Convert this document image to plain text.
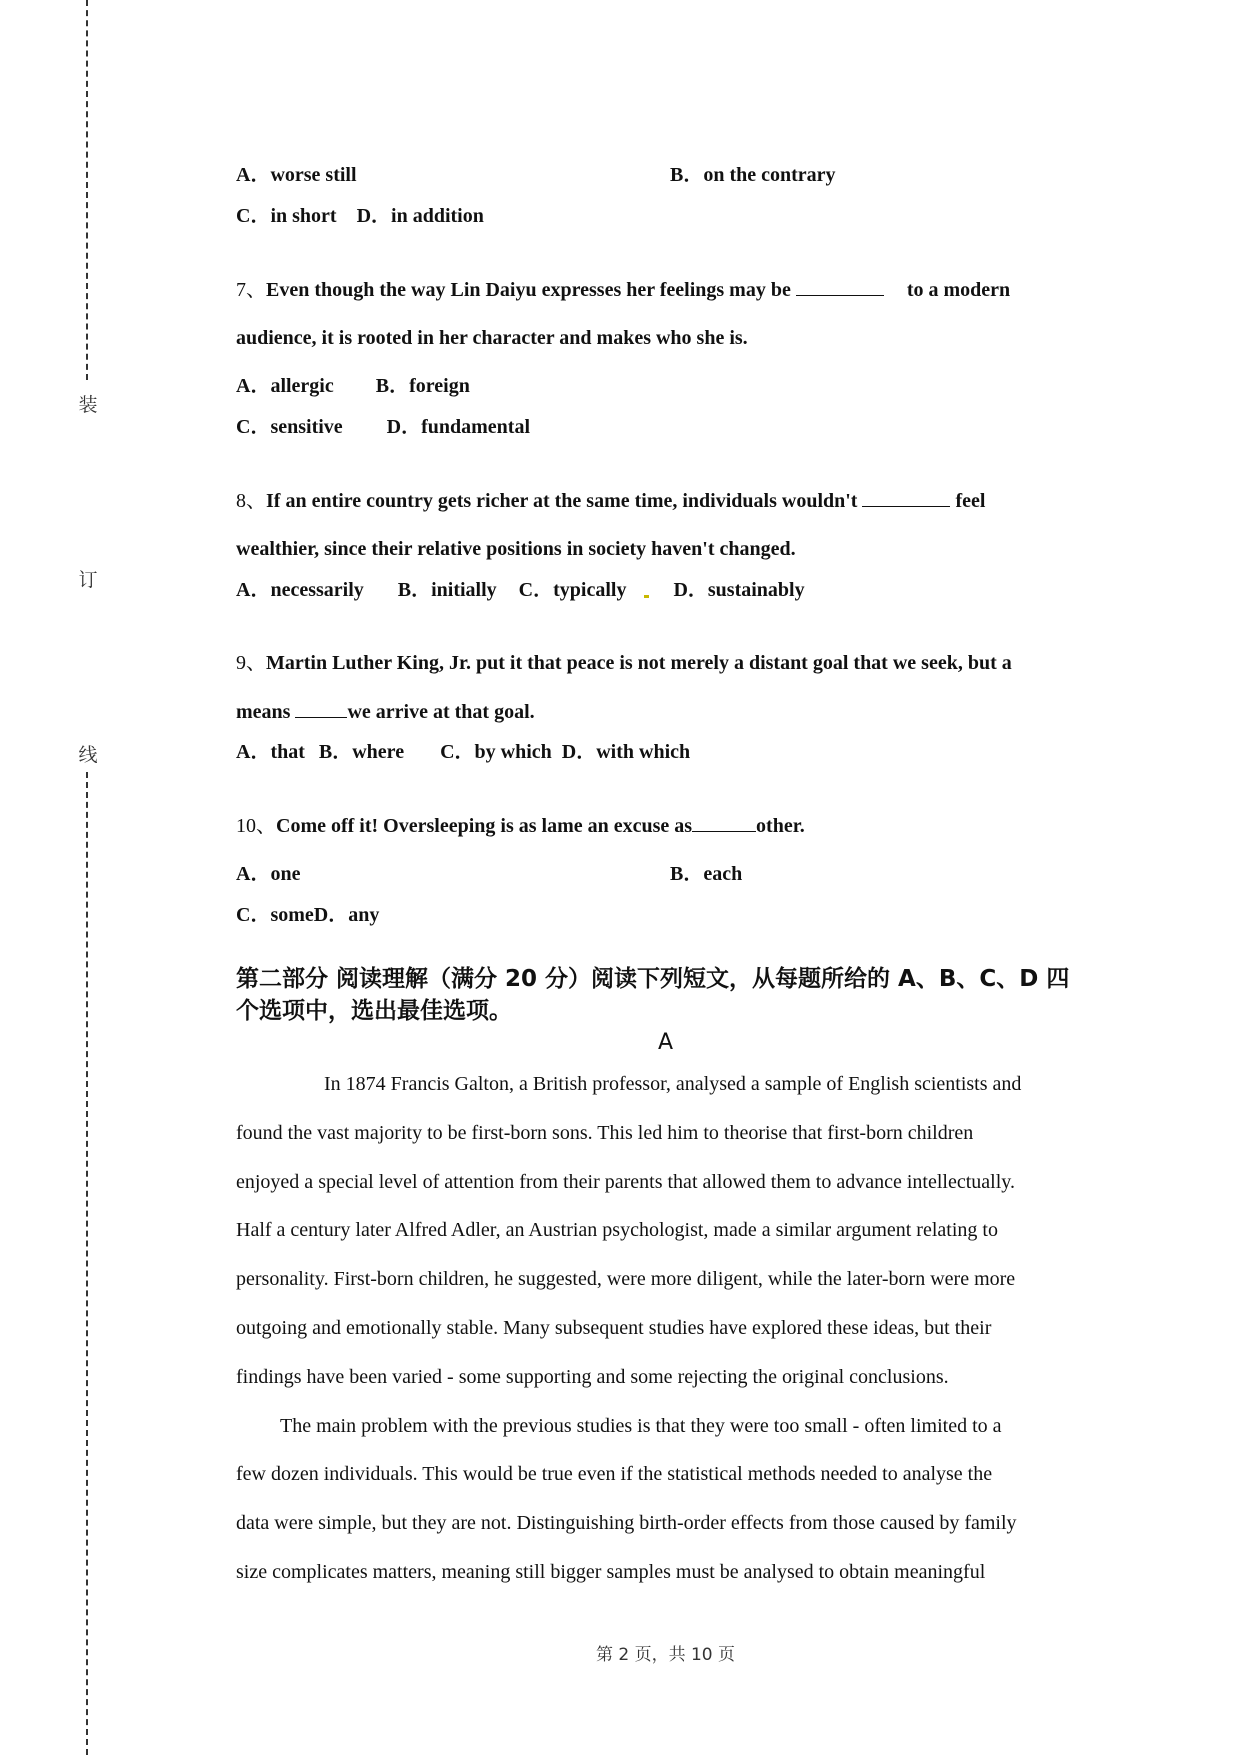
装
订
线
A．worse still	B．on the contrary
C．in short D．in addition
7、Even though the way Lin Daiyu expresses her feelings may be	to a modern
audience, it is rooted in her character and makes who she is.
A．allergic B．foreign
C．sensitive D．fundamental
8、If an entire country gets richer at the same time, individuals wouldn't	feel
wealthier, since their relative positions in society haven't changed.
A．necessarily B．initially C．typically D．sustainably
9、Martin Luther King, Jr. put it that peace is not merely a distant goal that we seek, but a
means	we arrive at that goal.
A．that B．where C．by which D．with which
10、Come off it! Oversleeping is as lame an excuse as	other.
A．one	B．each
C．someD．any
第二部分 阅读理解（满分 20 分）阅读下列短文，从每题所给的 A、B、C、D 四
个选项中，选出最佳选项。
A

In 1874 Francis Galton, a British professor, analysed a sample of English scientists and

found the vast majority to be first-born sons. This led him to theorise that first-born children

enjoyed a special level of attention from their parents that allowed them to advance intellectually.

Half a century later Alfred Adler, an Austrian psychologist, made a similar argument relating to

personality. First-born children, he suggested, were more diligent, while the later-born were more

outgoing and emotionally stable. Many subsequent studies have explored these ideas, but their

findings have been varied - some supporting and some rejecting the original conclusions.

The main problem with the previous studies is that they were too small - often limited to a

few dozen individuals. This would be true even if the statistical methods needed to analyse the

data were simple, but they are not. Distinguishing birth-order effects from those caused by family

size complicates matters, meaning still bigger samples must be analysed to obtain meaningful

第 2 页，共 10 页
